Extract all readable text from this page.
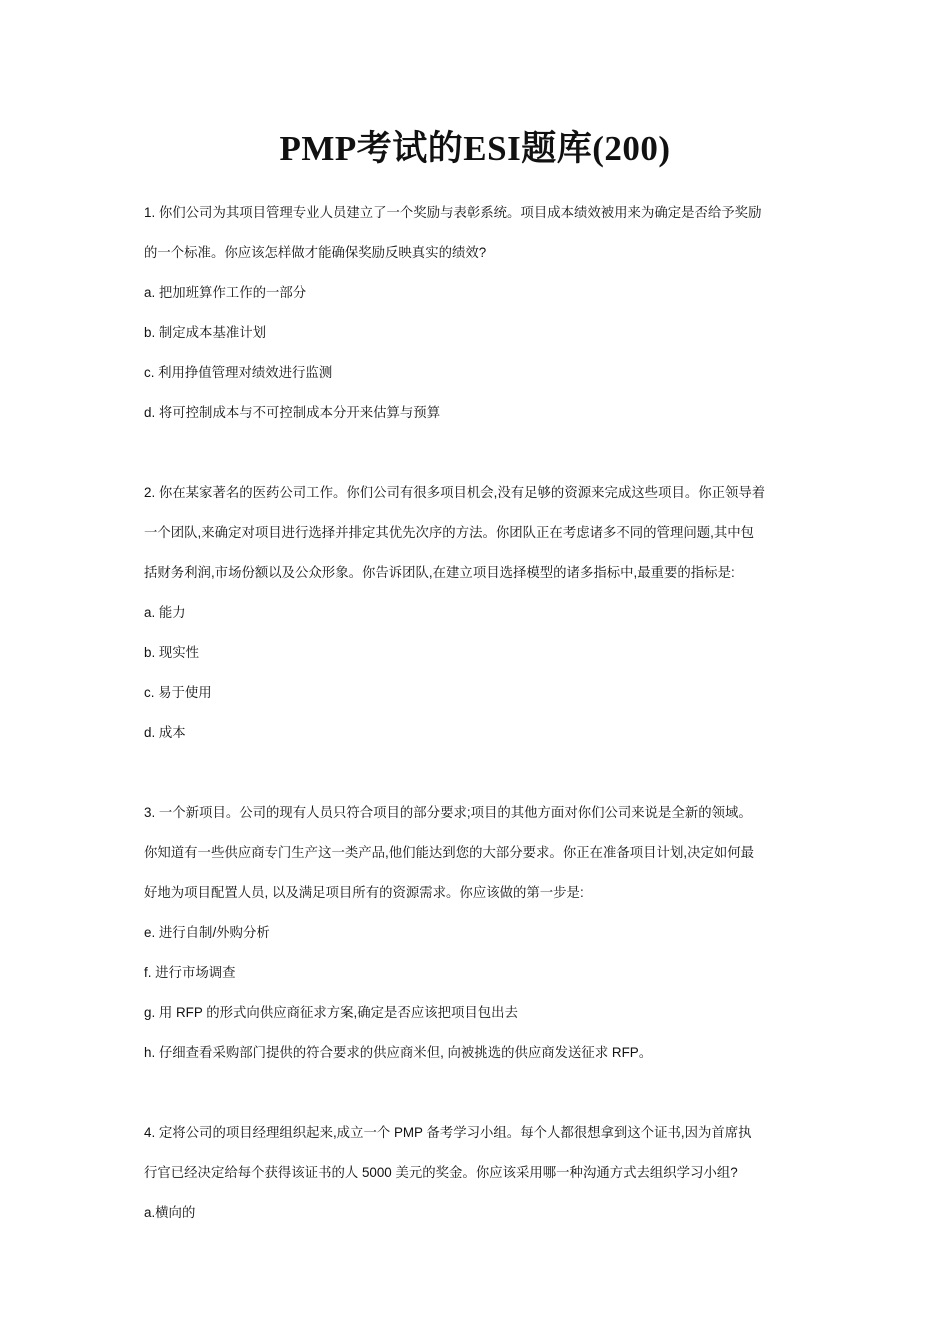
PMP考试的ESI题库(200)
1. 你们公司为其项目管理专业人员建立了一个奖励与表彰系统。项目成本绩效被用来为确定是否给予奖励
的一个标准。你应该怎样做才能确保奖励反映真实的绩效?
a. 把加班算作工作的一部分
b. 制定成本基准计划
c. 利用挣值管理对绩效进行监测
d. 将可控制成本与不可控制成本分开来估算与预算
2. 你在某家著名的医药公司工作。你们公司有很多项目机会,没有足够的资源来完成这些项目。你正领导着
一个团队,来确定对项目进行选择并排定其优先次序的方法。你团队正在考虑诸多不同的管理问题,其中包
括财务利润,市场份额以及公众形象。你告诉团队,在建立项目选择模型的诸多指标中,最重要的指标是:
a. 能力
b. 现实性
c. 易于使用
d. 成本
3. 一个新项目。公司的现有人员只符合项目的部分要求;项目的其他方面对你们公司来说是全新的领域。
你知道有一些供应商专门生产这一类产品,他们能达到您的大部分要求。你正在准备项目计划,决定如何最
好地为项目配置人员, 以及满足项目所有的资源需求。你应该做的第一步是:
e. 进行自制/外购分析
f. 进行市场调查
g. 用 RFP 的形式向供应商征求方案,确定是否应该把项目包出去
h. 仔细查看采购部门提供的符合要求的供应商米但, 向被挑选的供应商发送征求 RFP。
4. 定将公司的项目经理组织起来,成立一个 PMP 备考学习小组。每个人都很想拿到这个证书,因为首席执
行官已经决定给每个获得该证书的人 5000 美元的奖金。你应该采用哪一种沟通方式去组织学习小组?
a.横向的
